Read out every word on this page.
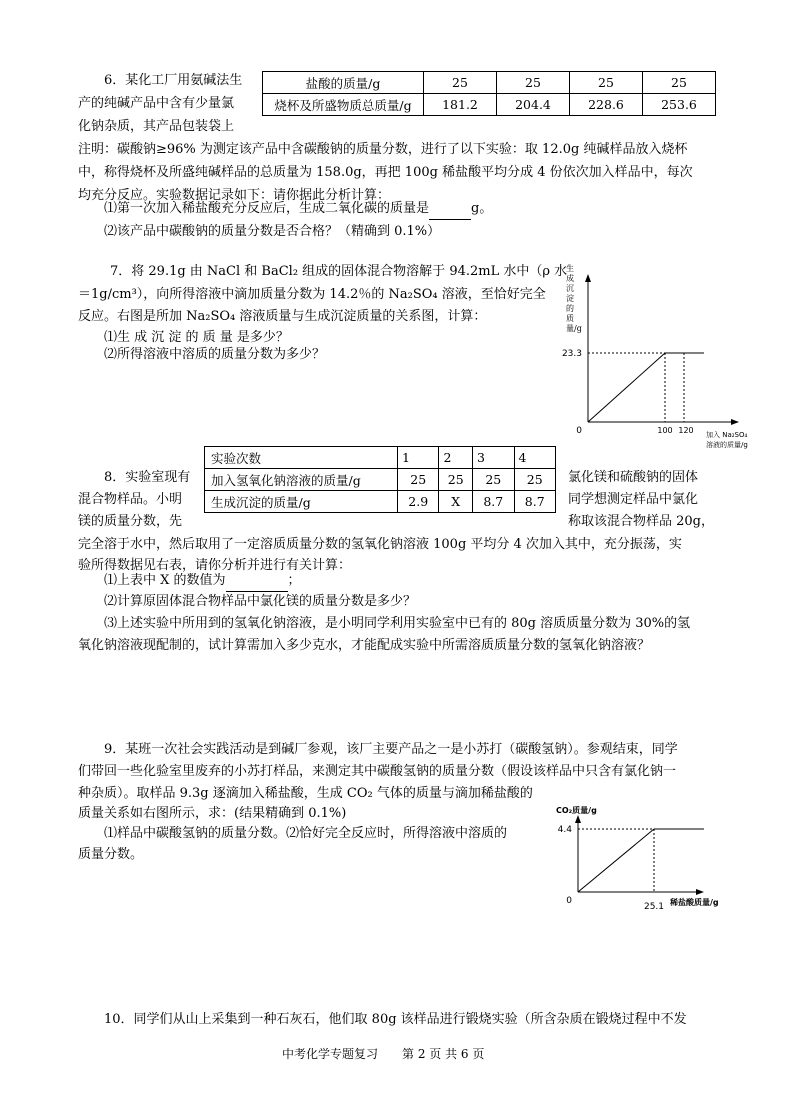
6．某化工厂用氨碱法生
产的纯碱产品中含有少量氯
化钠杂质，其产品包装袋上
盐酸的质量/g	25	25	25	25
烧杯及所盛物质总质量/g	181.2	204.4	228.6	253.6
注明：碳酸钠≥96% 为测定该产品中含碳酸钠的质量分数，进行了以下实验：取 12.0g 纯碱样品放入烧杯
中，称得烧杯及所盛纯碱样品的总质量为 158.0g，再把 100g 稀盐酸平均分成 4 份依次加入样品中，每次
均充分反应。实验数据记录如下：请你据此分析计算：
⑴第一次加入稀盐酸充分反应后，生成二氧化碳的质量是	g。
⑵该产品中碳酸钠的质量分数是否合格？（精确到 0.1%）
7．将 29.1g 由 NaCl 和 BaCl₂ 组成的固体混合物溶解于 94.2mL 水中（ρ 水
＝1g/cm³），向所得溶液中滴加质量分数为 14.2％的 Na₂SO₄ 溶液，至恰好完全
反应。右图是所加 Na₂SO₄ 溶液质量与生成沉淀质量的关系图，计算：
⑴生 成 沉 淀 的 质 量 是多少？
⑵所得溶液中溶质的质量分数为多少？
生成沉淀的质量/g
23.3
0	100 120 加入 Na₂SO₄
溶液的质量/g
实验次数	1	2	3	4
加入氢氧化钠溶液的质量/g	25	25	25	25
生成沉淀的质量/g	2.9	X	8.7	8.7
8．实验室现有
混合物样品。小明
镁的质量分数，先
氯化镁和硫酸钠的固体
同学想测定样品中氯化
称取该混合物样品 20g，
完全溶于水中，然后取用了一定溶质质量分数的氢氧化钠溶液 100g 平均分 4 次加入其中，充分振荡，实
验所得数据见右表，请你分析并进行有关计算：
⑴上表中 X 的数值为	；
⑵计算原固体混合物样品中氯化镁的质量分数是多少？
⑶上述实验中所用到的氢氧化钠溶液，是小明同学利用实验室中已有的 80g 溶质质量分数为 30%的氢
氧化钠溶液现配制的，试计算需加入多少克水，才能配成实验中所需溶质质量分数的氢氧化钠溶液？
9．某班一次社会实践活动是到碱厂参观，该厂主要产品之一是小苏打（碳酸氢钠）。参观结束，同学
们带回一些化验室里废弃的小苏打样品，来测定其中碳酸氢钠的质量分数（假设该样品中只含有氯化钠一
种杂质）。取样品 9.3g 逐滴加入稀盐酸，生成 CO₂ 气体的质量与滴加稀盐酸的
质量关系如右图所示，求：(结果精确到 0.1%)
⑴样品中碳酸氢钠的质量分数。⑵恰好完全反应时，所得溶液中溶质的
质量分数。
CO₂质量/g
4.4
0
25.1 稀盐酸质量/g
10．同学们从山上采集到一种石灰石，他们取 80g 该样品进行锻烧实验（所含杂质在锻烧过程中不发
中考化学专题复习　　第 2 页 共 6 页
